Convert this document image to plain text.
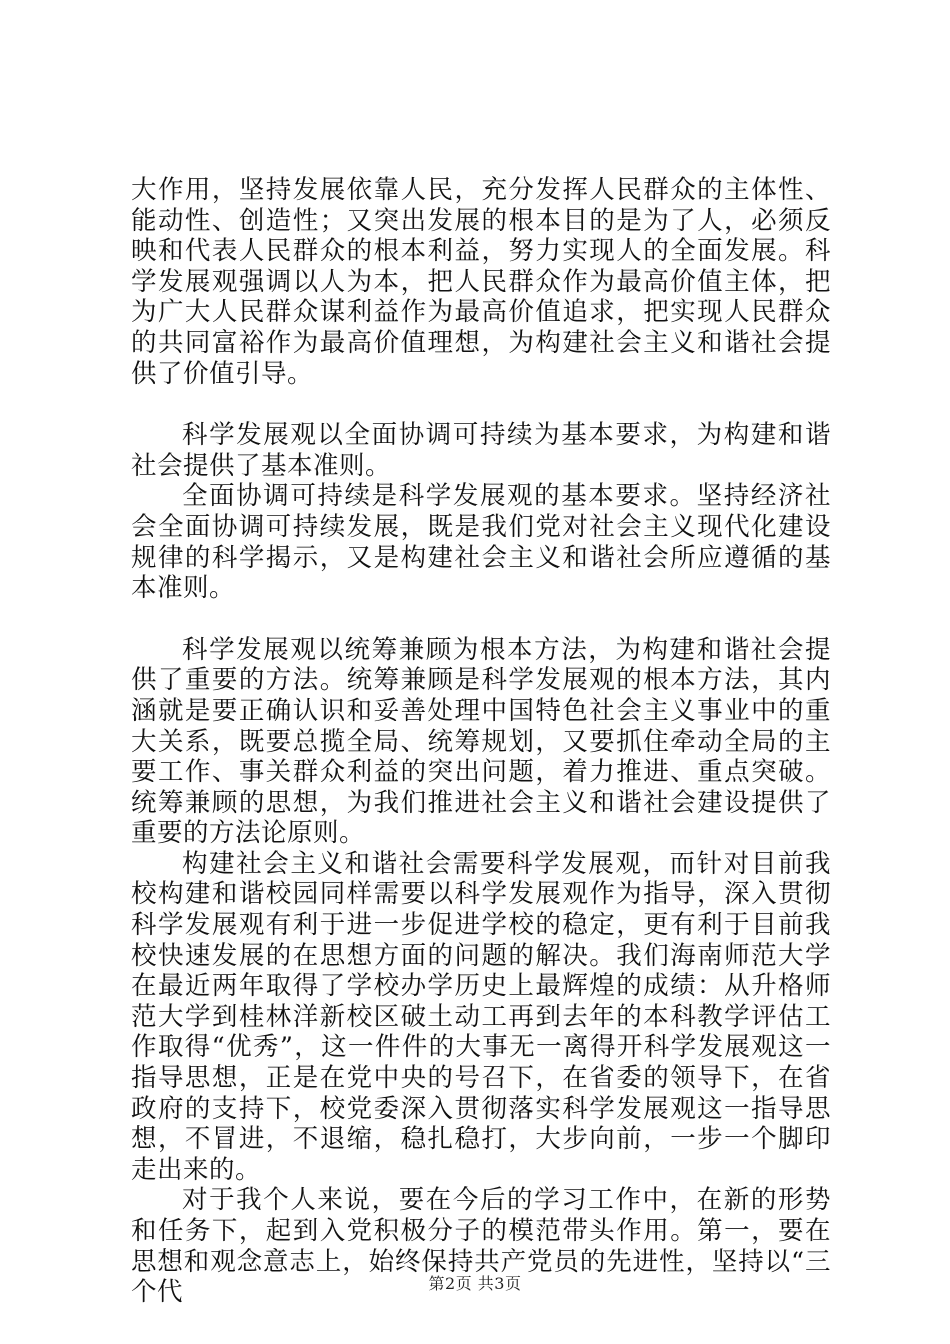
大作用，坚持发展依靠人民，充分发挥人民群众的主体性、能动性、创造性；又突出发展的根本目的是为了人，必须反映和代表人民群众的根本利益，努力实现人的全面发展。科学发展观强调以人为本，把人民群众作为最高价值主体，把为广大人民群众谋利益作为最高价值追求，把实现人民群众的共同富裕作为最高价值理想，为构建社会主义和谐社会提供了价值引导。

科学发展观以全面协调可持续为基本要求，为构建和谐社会提供了基本准则。

全面协调可持续是科学发展观的基本要求。坚持经济社会全面协调可持续发展，既是我们党对社会主义现代化建设规律的科学揭示，又是构建社会主义和谐社会所应遵循的基本准则。

科学发展观以统筹兼顾为根本方法，为构建和谐社会提供了重要的方法。统筹兼顾是科学发展观的根本方法，其内涵就是要正确认识和妥善处理中国特色社会主义事业中的重大关系，既要总揽全局、统筹规划，又要抓住牵动全局的主要工作、事关群众利益的突出问题，着力推进、重点突破。统筹兼顾的思想，为我们推进社会主义和谐社会建设提供了重要的方法论原则。

构建社会主义和谐社会需要科学发展观，而针对目前我校构建和谐校园同样需要以科学发展观作为指导，深入贯彻科学发展观有利于进一步促进学校的稳定，更有利于目前我校快速发展的在思想方面的问题的解决。我们海南师范大学在最近两年取得了学校办学历史上最辉煌的成绩：从升格师范大学到桂林洋新校区破土动工再到去年的本科教学评估工作取得“优秀”，这一件件的大事无一离得开科学发展观这一指导思想，正是在党中央的号召下，在省委的领导下，在省政府的支持下，校党委深入贯彻落实科学发展观这一指导思想，不冒进，不退缩，稳扎稳打，大步向前，一步一个脚印走出来的。

对于我个人来说，要在今后的学习工作中，在新的形势和任务下，起到入党积极分子的模范带头作用。第一，要在思想和观念意志上，始终保持共产党员的先进性，坚持以“三个代	第2页 共3页
